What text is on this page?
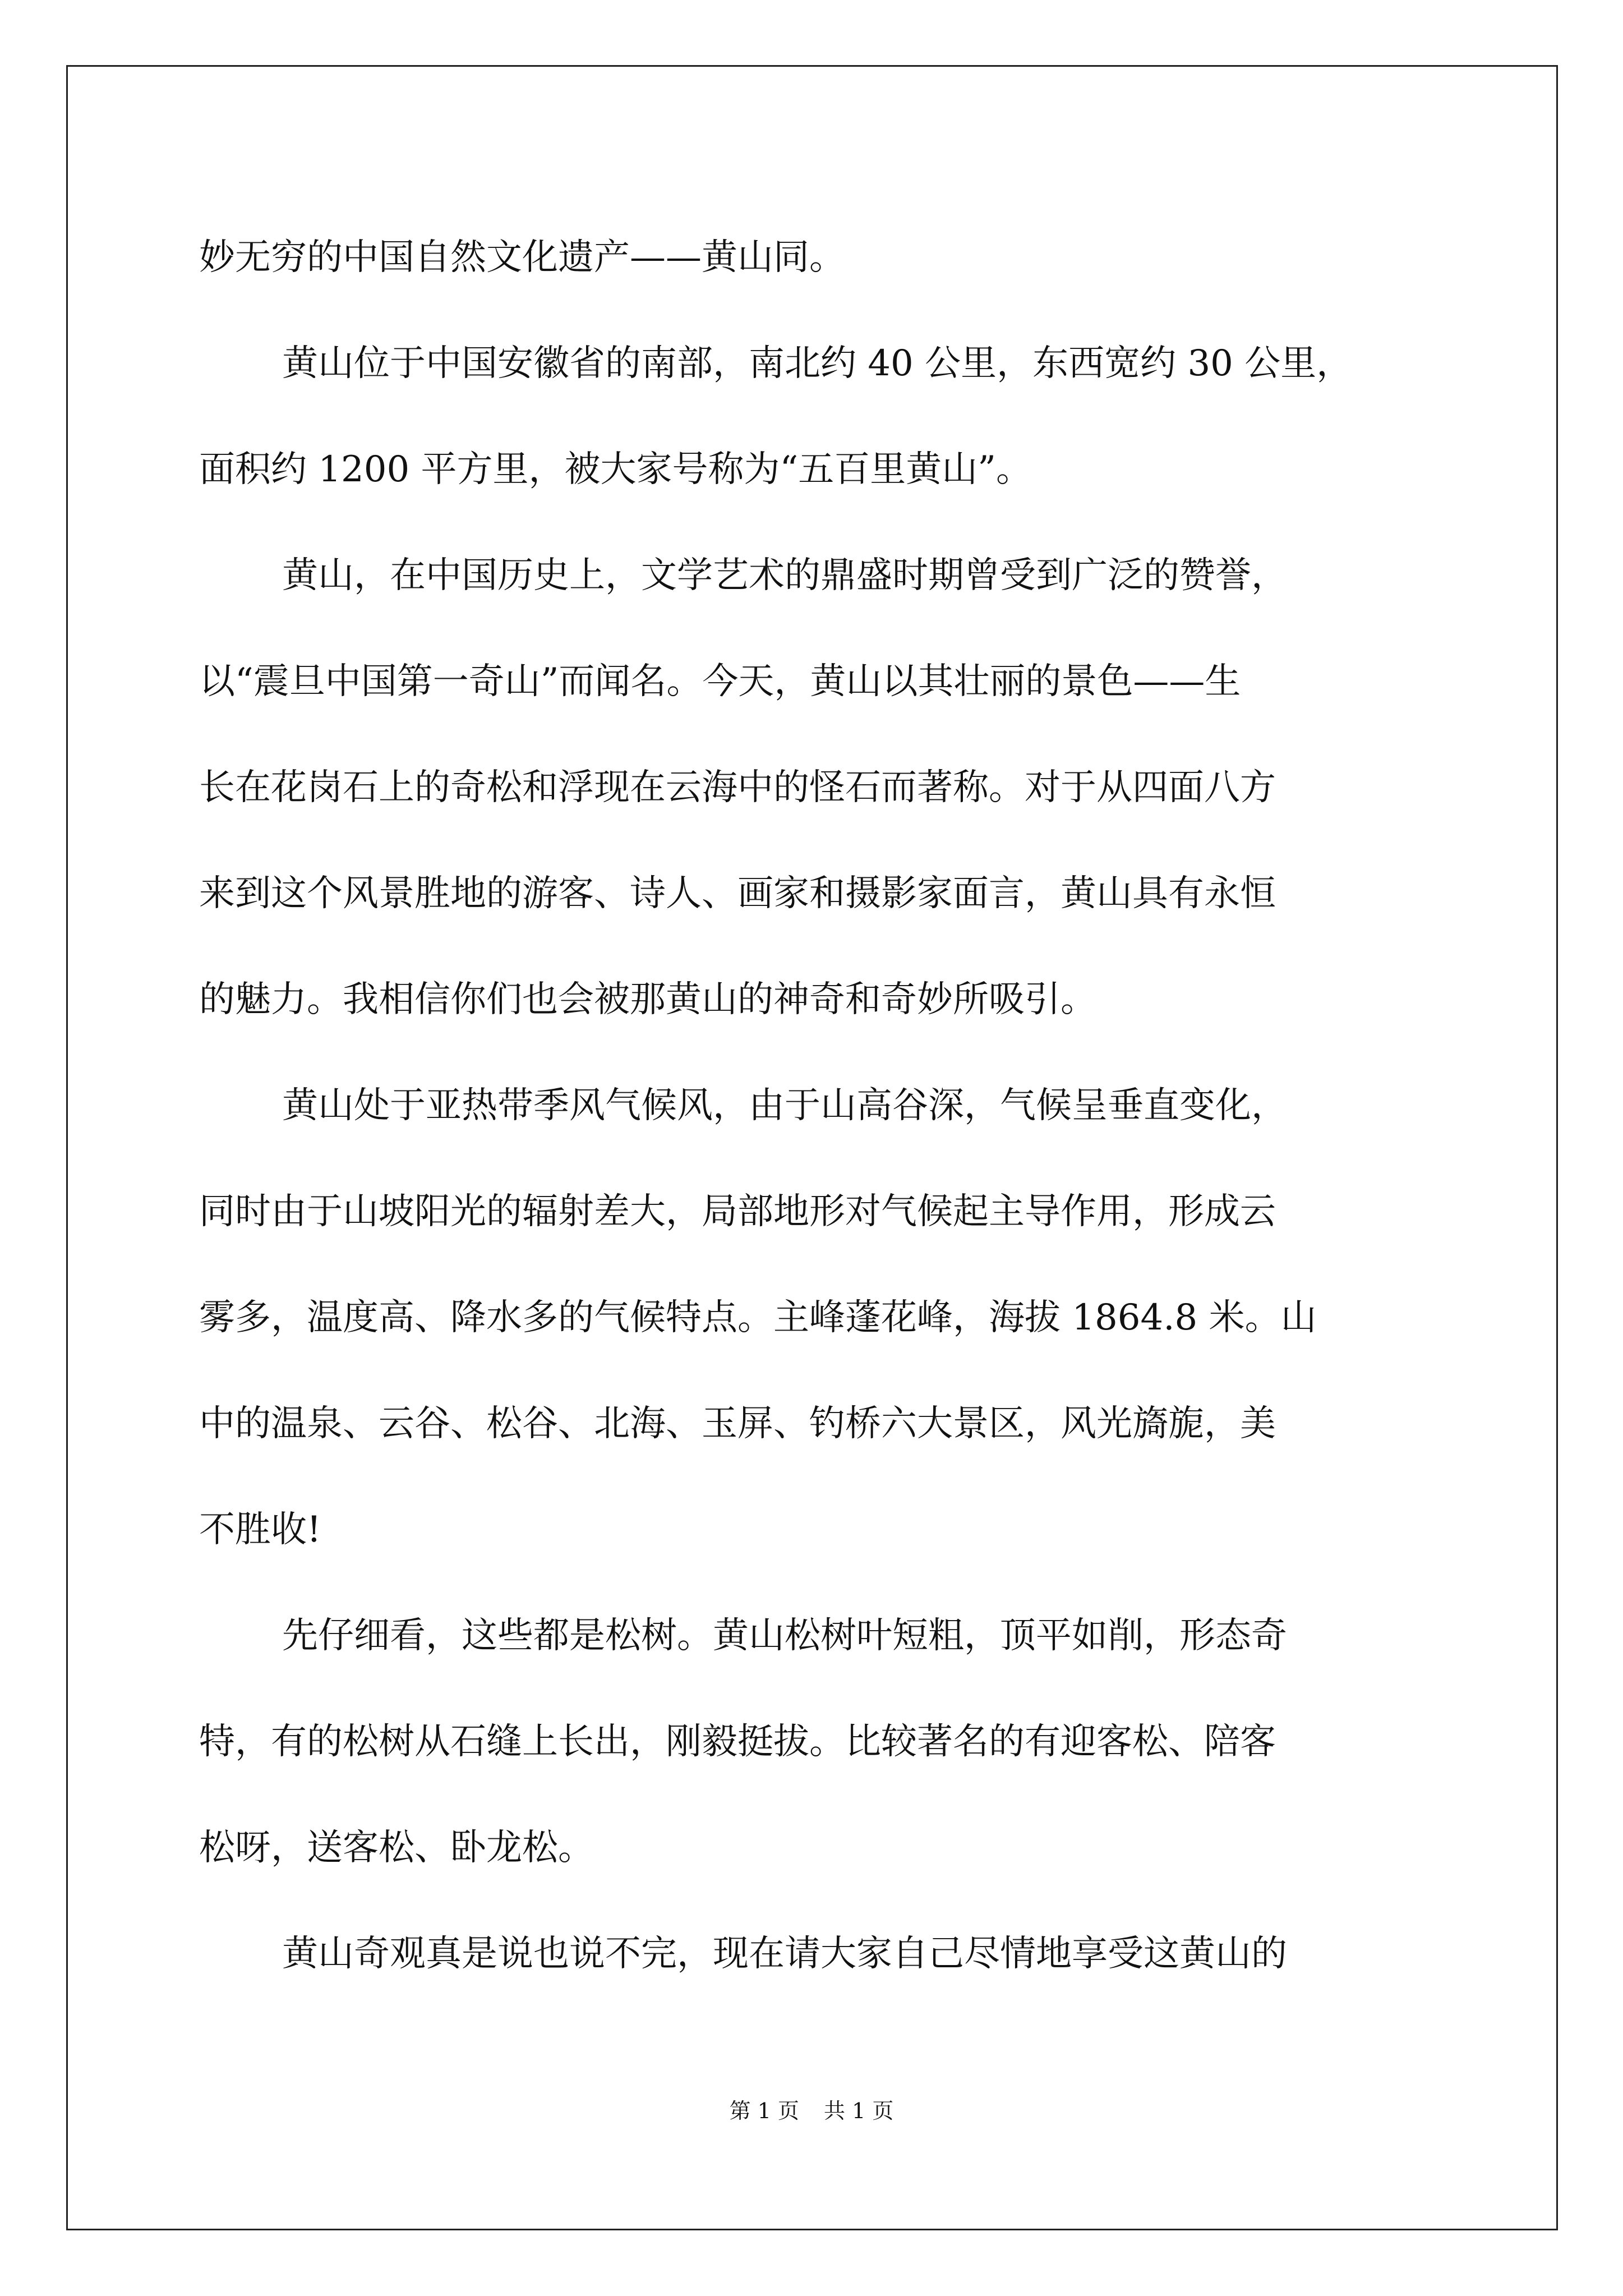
妙无穷的中国自然文化遗产——黄山同。
黄山位于中国安徽省的南部，南北约 40 公里，东西宽约 30 公里，
面积约 1200 平方里，被大家号称为“五百里黄山”。
黄山，在中国历史上，文学艺术的鼎盛时期曾受到广泛的赞誉，
以“震旦中国第一奇山”而闻名。今天，黄山以其壮丽的景色——生
长在花岗石上的奇松和浮现在云海中的怪石而著称。对于从四面八方
来到这个风景胜地的游客、诗人、画家和摄影家面言，黄山具有永恒
的魅力。我相信你们也会被那黄山的神奇和奇妙所吸引。
黄山处于亚热带季风气候风，由于山高谷深，气候呈垂直变化，
同时由于山坡阳光的辐射差大，局部地形对气候起主导作用，形成云
雾多，温度高、降水多的气候特点。主峰蓬花峰，海拔 1864.8 米。山
中的温泉、云谷、松谷、北海、玉屏、钓桥六大景区，风光旖旎，美
不胜收!
先仔细看，这些都是松树。黄山松树叶短粗，顶平如削，形态奇
特，有的松树从石缝上长出，刚毅挺拔。比较著名的有迎客松、陪客
松呀，送客松、卧龙松。
黄山奇观真是说也说不完，现在请大家自己尽情地享受这黄山的
第 1 页 共 1 页
